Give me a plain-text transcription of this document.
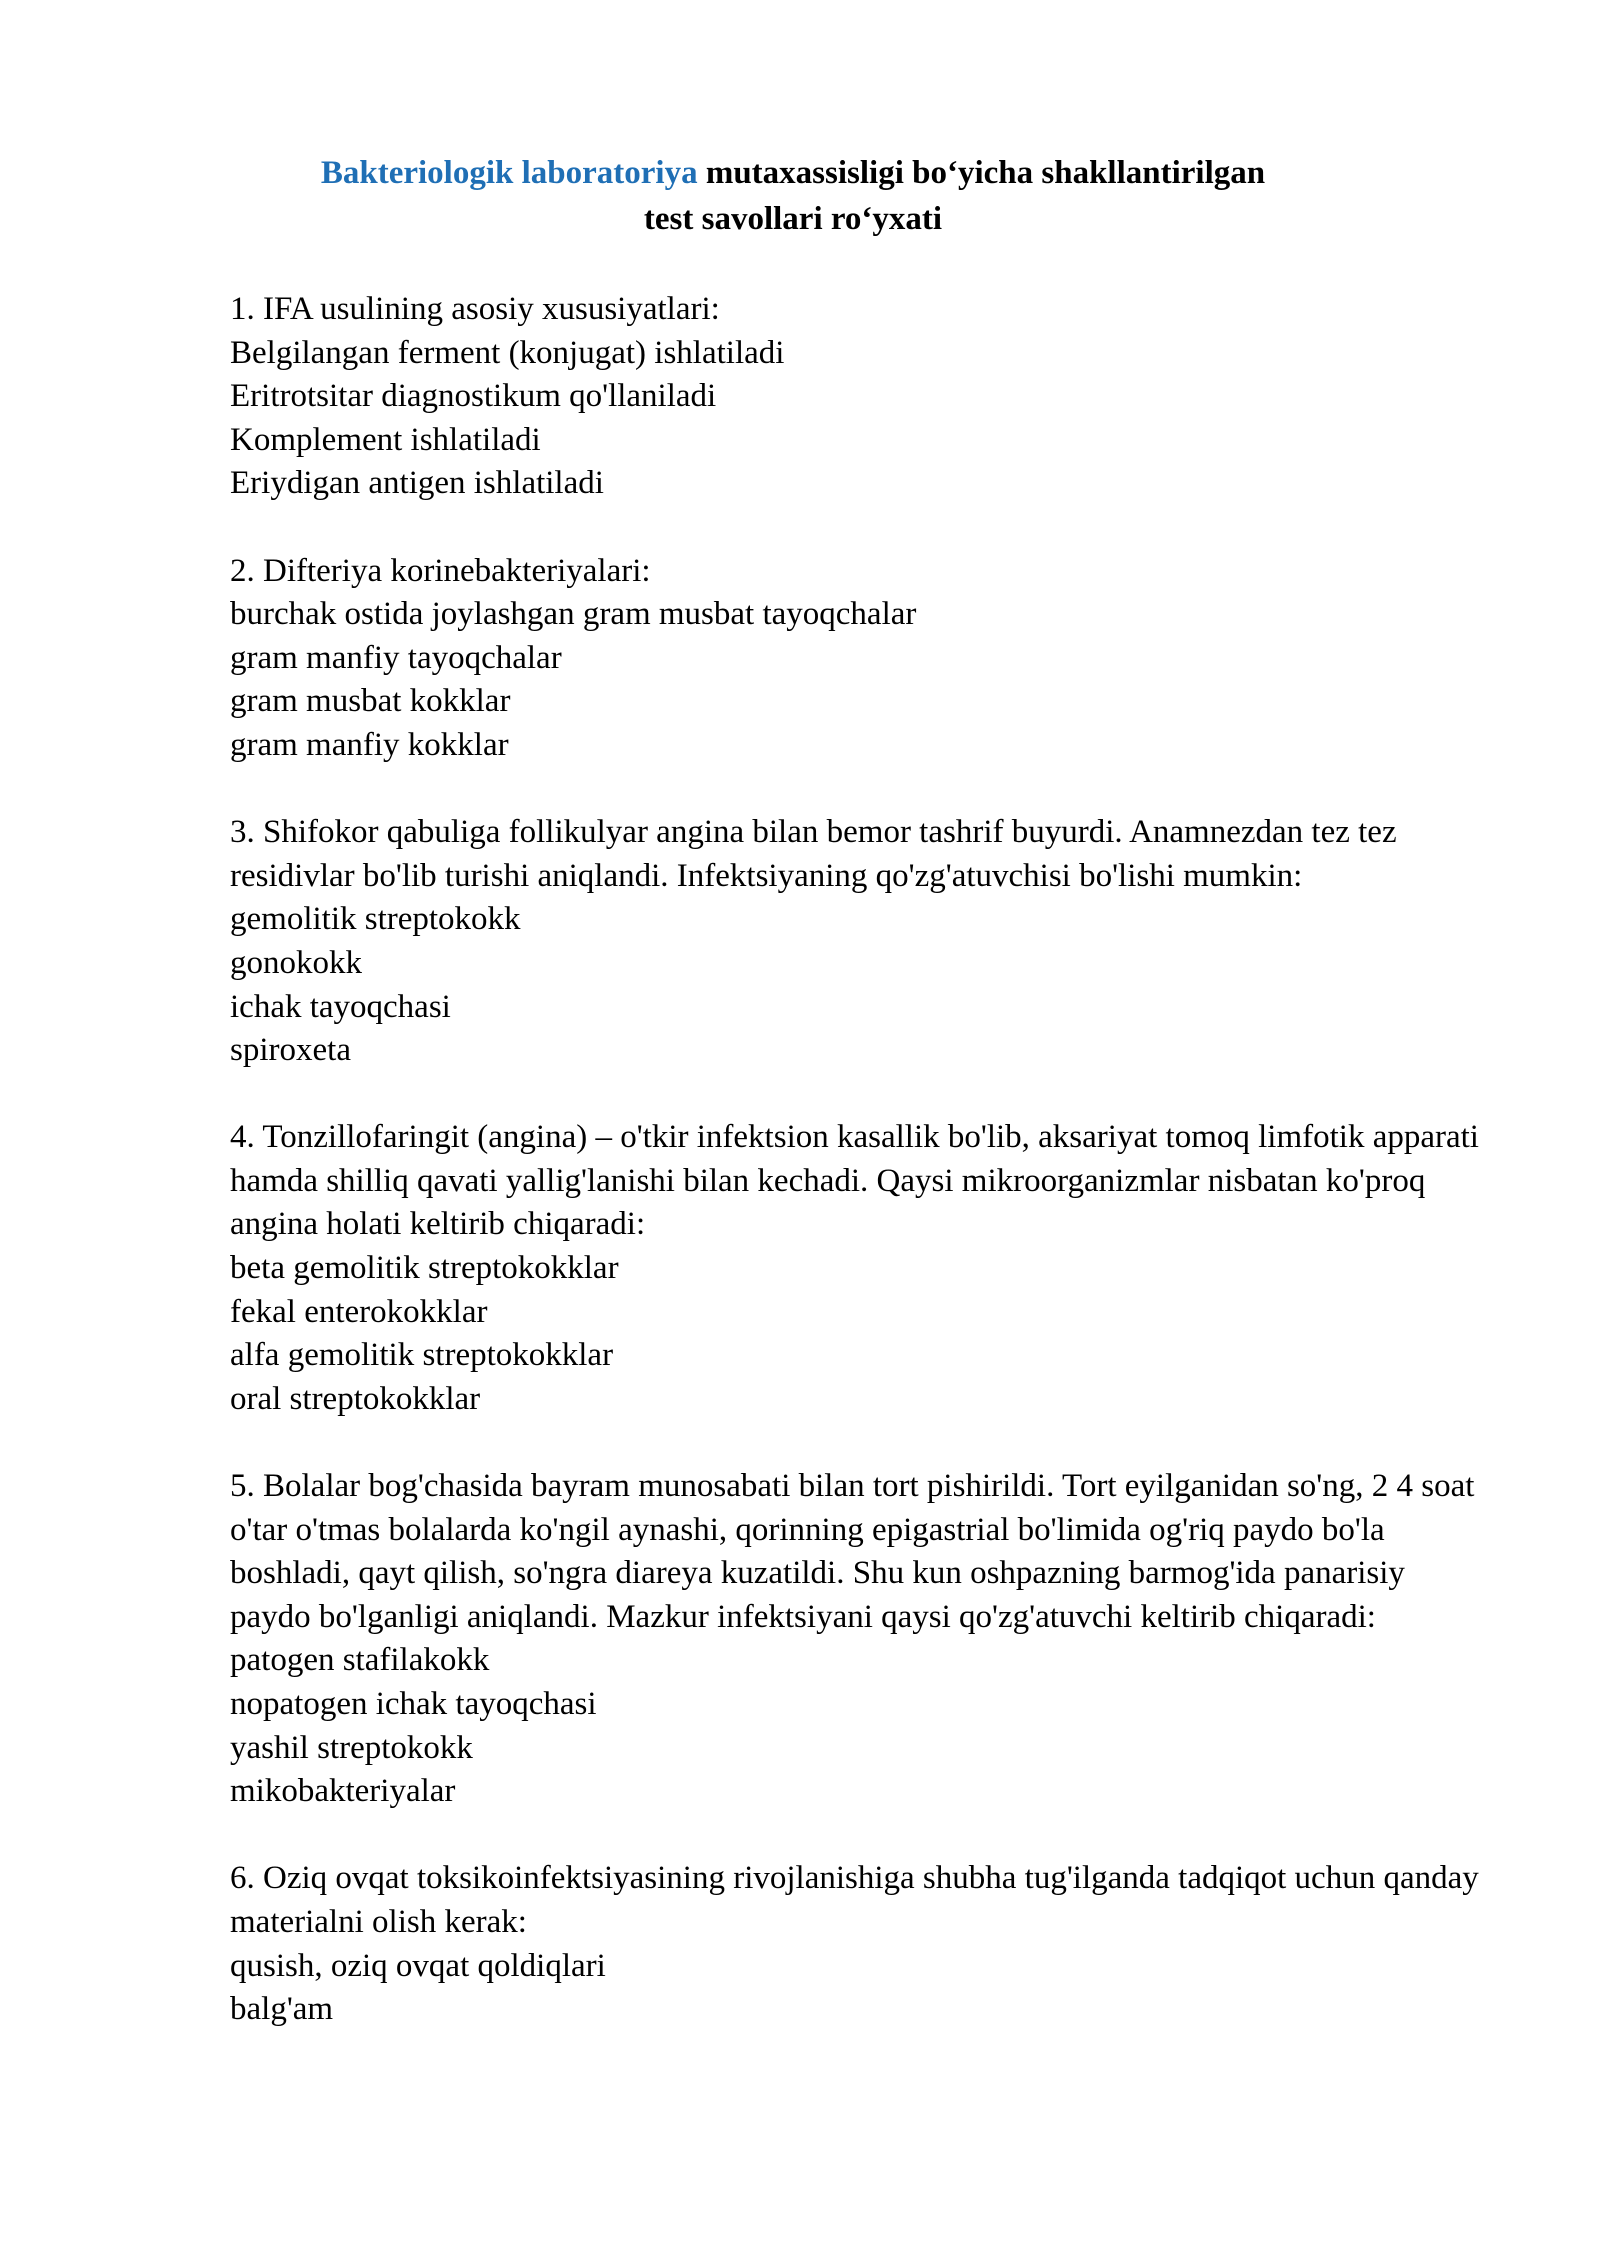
Bakteriologik laboratoriya mutaxassisligi bo‘yicha shakllantirilgan
test savollari ro‘yxati
1. IFA usulining asosiy xususiyatlari:
Belgilangan ferment (konjugat) ishlatiladi
Eritrotsitar diagnostikum qo'llaniladi
Komplement ishlatiladi
Eriydigan antigen ishlatiladi
2. Difteriya korinebakteriyalari:
burchak ostida joylashgan gram musbat tayoqchalar
gram manfiy tayoqchalar
gram musbat kokklar
gram manfiy kokklar
3. Shifokor qabuliga follikulyar angina bilan bemor tashrif buyurdi. Anamnezdan tez tez residivlar bo'lib turishi aniqlandi. Infektsiyaning qo'zg'atuvchisi bo'lishi mumkin:
gemolitik streptokokk
gonokokk
ichak tayoqchasi
spiroxeta
4. Tonzillofaringit (angina) – o'tkir infektsion kasallik bo'lib, aksariyat tomoq limfotik apparati hamda shilliq qavati yallig'lanishi bilan kechadi. Qaysi mikroorganizmlar nisbatan ko'proq angina holati keltirib chiqaradi:
beta gemolitik streptokokklar
fekal enterokokklar
alfa gemolitik streptokokklar
oral streptokokklar
5. Bolalar bog'chasida bayram munosabati bilan tort pishirildi. Tort eyilganidan so'ng, 2 4 soat o'tar o'tmas bolalarda ko'ngil aynashi, qorinning epigastrial bo'limida og'riq paydo bo'la boshladi, qayt qilish, so'ngra diareya kuzatildi. Shu kun oshpazning barmog'ida panarisiy paydo bo'lganligi aniqlandi. Mazkur infektsiyani qaysi qo'zg'atuvchi keltirib chiqaradi:
patogen stafilakokk
nopatogen ichak tayoqchasi
yashil streptokokk
mikobakteriyalar
6. Oziq ovqat toksikoinfektsiyasining rivojlanishiga shubha tug'ilganda tadqiqot uchun qanday materialni olish kerak:
qusish, oziq ovqat qoldiqlari
balg'am
